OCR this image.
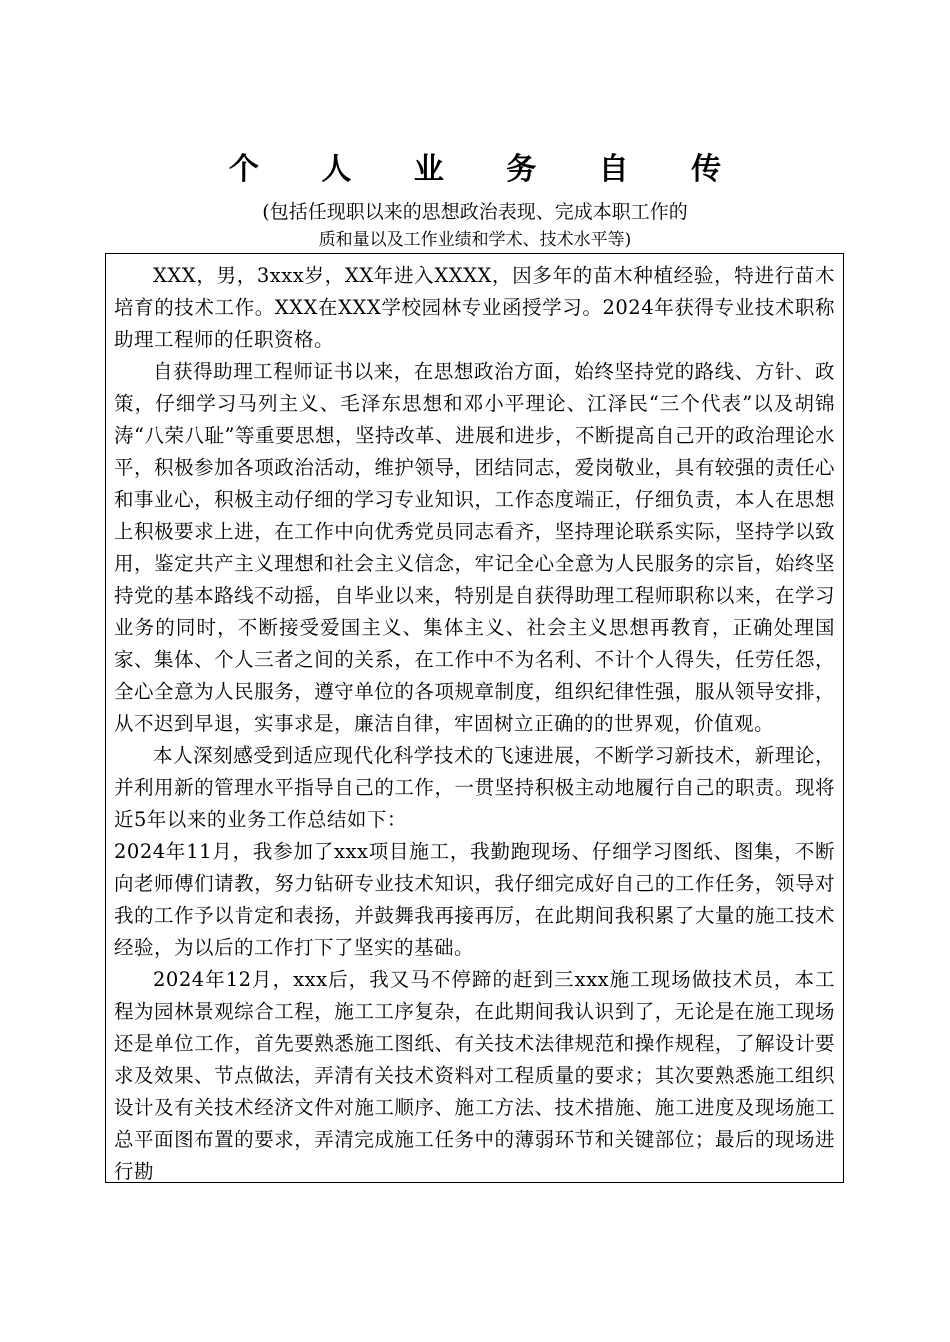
个 人 业 务 自 传
(包括任现职以来的思想政治表现、完成本职工作的
质和量以及工作业绩和学术、技术水平等)

XXX，男，3xxx岁，XX年进入XXXX，因多年的苗木种植经验，特进行苗木培育的技术工作。XXX在XXX学校园林专业函授学习。2024年获得专业技术职称助理工程师的任职资格。

自获得助理工程师证书以来，在思想政治方面，始终坚持党的路线、方针、政策，仔细学习马列主义、毛泽东思想和邓小平理论、江泽民“三个代表”以及胡锦涛“八荣八耻”等重要思想，坚持改革、进展和进步，不断提高自己开的政治理论水平，积极参加各项政治活动，维护领导，团结同志，爱岗敬业，具有较强的责任心和事业心，积极主动仔细的学习专业知识，工作态度端正，仔细负责，本人在思想上积极要求上进，在工作中向优秀党员同志看齐，坚持理论联系实际，坚持学以致用，鉴定共产主义理想和社会主义信念，牢记全心全意为人民服务的宗旨，始终坚持党的基本路线不动摇，自毕业以来，特别是自获得助理工程师职称以来，在学习业务的同时，不断接受爱国主义、集体主义、社会主义思想再教育，正确处理国家、集体、个人三者之间的关系，在工作中不为名利、不计个人得失，任劳任怨，全心全意为人民服务，遵守单位的各项规章制度，组织纪律性强，服从领导安排，从不迟到早退，实事求是，廉洁自律，牢固树立正确的的世界观，价值观。

本人深刻感受到适应现代化科学技术的飞速进展，不断学习新技术，新理论，并利用新的管理水平指导自己的工作，一贯坚持积极主动地履行自己的职责。现将近5年以来的业务工作总结如下：

2024年11月，我参加了xxx项目施工，我勤跑现场、仔细学习图纸、图集，不断向老师傅们请教，努力钻研专业技术知识，我仔细完成好自己的工作任务，领导对我的工作予以肯定和表扬，并鼓舞我再接再厉，在此期间我积累了大量的施工技术经验，为以后的工作打下了坚实的基础。

2024年12月，xxx后，我又马不停蹄的赶到三xxx施工现场做技术员，本工程为园林景观综合工程，施工工序复杂，在此期间我认识到了，无论是在施工现场还是单位工作，首先要熟悉施工图纸、有关技术法律规范和操作规程，了解设计要求及效果、节点做法，弄清有关技术资料对工程质量的要求；其次要熟悉施工组织设计及有关技术经济文件对施工顺序、施工方法、技术措施、施工进度及现场施工总平面图布置的要求，弄清完成施工任务中的薄弱环节和关键部位；最后的现场进行勘
